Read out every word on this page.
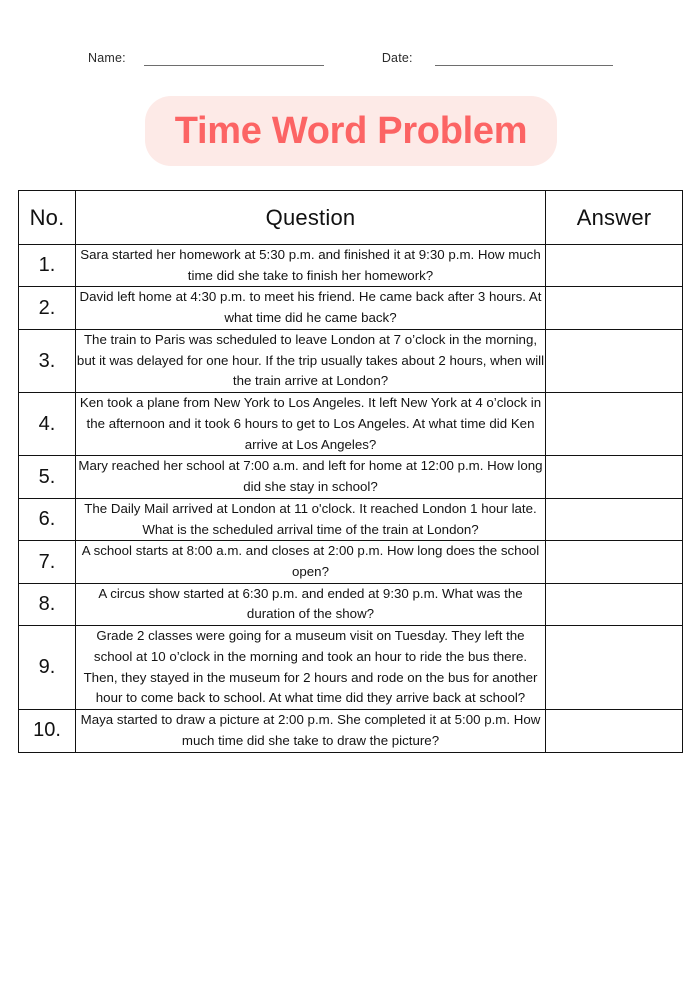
Name:	Date:
Time Word Problem
No.	Question	Answer
1.	Sara started her homework at 5:30 p.m. and finished it at 9:30 p.m. How much time did she take to finish her homework?	
2.	David left home at 4:30 p.m. to meet his friend. He came back after 3 hours. At what time did he came back?	
3.	The train to Paris was scheduled to leave London at 7 o’clock in the morning, but it was delayed for one hour. If the trip usually takes about 2 hours, when will the train arrive at London?	
4.	Ken took a plane from New York to Los Angeles. It left New York at 4 o’clock in the afternoon and it took 6 hours to get to Los Angeles. At what time did Ken arrive at Los Angeles?	
5.	Mary reached her school at 7:00 a.m. and left for home at 12:00 p.m. How long did she stay in school?	
6.	The Daily Mail arrived at London at 11 o'clock. It reached London 1 hour late. What is the scheduled arrival time of the train at London?	
7.	A school starts at 8:00 a.m. and closes at 2:00 p.m. How long does the school open?	
8.	A circus show started at 6:30 p.m. and ended at 9:30 p.m. What was the duration of the show?	
9.	Grade 2 classes were going for a museum visit on Tuesday. They left the school at 10 o’clock in the morning and took an hour to ride the bus there. Then, they stayed in the museum for 2 hours and rode on the bus for another hour to come back to school. At what time did they arrive back at school?	
10.	Maya started to draw a picture at 2:00 p.m. She completed it at 5:00 p.m. How much time did she take to draw the picture?	
